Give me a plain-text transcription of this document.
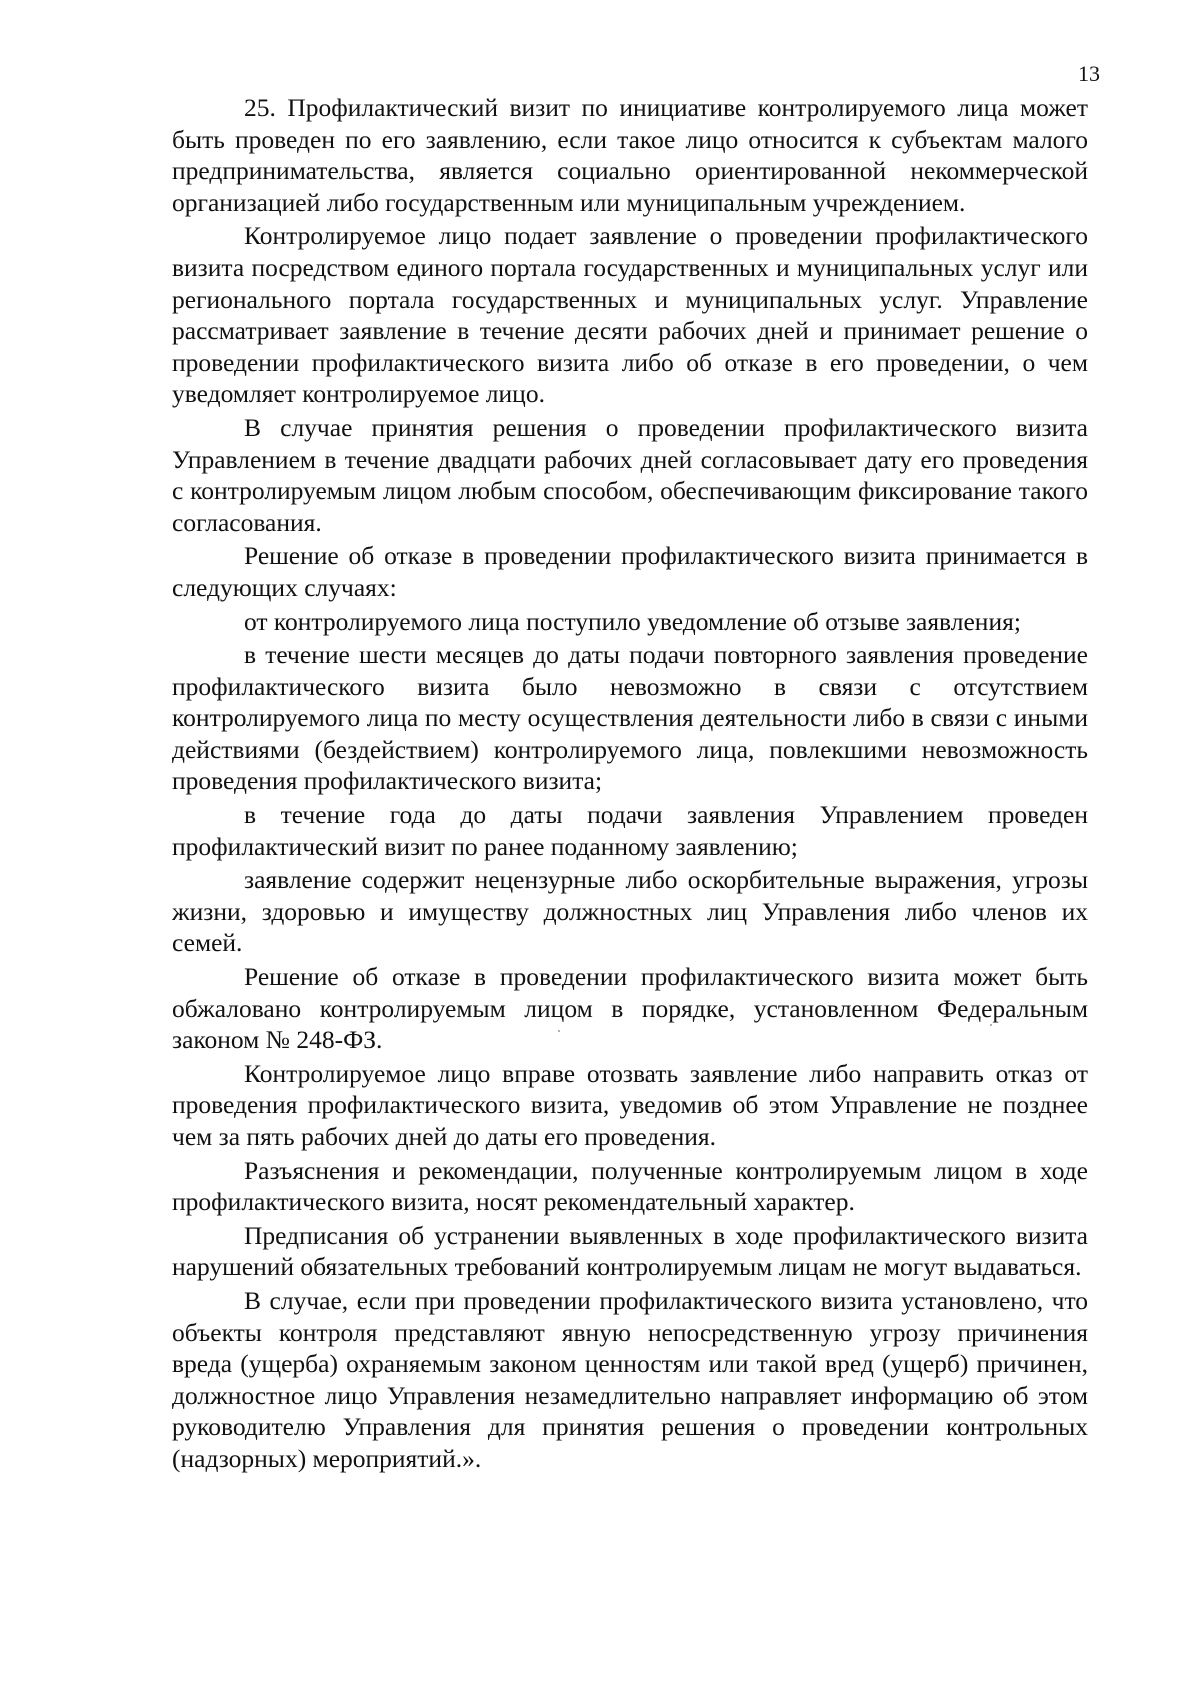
13

25. Профилактический визит по инициативе контролируемого лица может быть проведен по его заявлению, если такое лицо относится к субъектам малого предпринимательства, является социально ориентированной некоммерческой организацией либо государственным или муниципальным учреждением.

Контролируемое лицо подает заявление о проведении профилактического визита посредством единого портала государственных и муниципальных услуг или регионального портала государственных и муниципальных услуг. Управление рассматривает заявление в течение десяти рабочих дней и принимает решение о проведении профилактического визита либо об отказе в его проведении, о чем уведомляет контролируемое лицо.

В случае принятия решения о проведении профилактического визита Управлением в течение двадцати рабочих дней согласовывает дату его проведения с контролируемым лицом любым способом, обеспечивающим фиксирование такого согласования.

Решение об отказе в проведении профилактического визита принимается в следующих случаях:

от контролируемого лица поступило уведомление об отзыве заявления;

в течение шести месяцев до даты подачи повторного заявления проведение профилактического визита было невозможно в связи с отсутствием контролируемого лица по месту осуществления деятельности либо в связи с иными действиями (бездействием) контролируемого лица, повлекшими невозможность проведения профилактического визита;

в течение года до даты подачи заявления Управлением проведен профилактический визит по ранее поданному заявлению;

заявление содержит нецензурные либо оскорбительные выражения, угрозы жизни, здоровью и имуществу должностных лиц Управления либо членов их семей.

Решение об отказе в проведении профилактического визита может быть обжаловано контролируемым лицом в порядке, установленном Федеральным законом № 248-ФЗ.

Контролируемое лицо вправе отозвать заявление либо направить отказ от проведения профилактического визита, уведомив об этом Управление не позднее чем за пять рабочих дней до даты его проведения.

Разъяснения и рекомендации, полученные контролируемым лицом в ходе профилактического визита, носят рекомендательный характер.

Предписания об устранении выявленных в ходе профилактического визита нарушений обязательных требований контролируемым лицам не могут выдаваться.

В случае, если при проведении профилактического визита установлено, что объекты контроля представляют явную непосредственную угрозу причинения вреда (ущерба) охраняемым законом ценностям или такой вред (ущерб) причинен, должностное лицо Управления незамедлительно направляет информацию об этом руководителю Управления для принятия решения о проведении контрольных (надзорных) мероприятий.».
